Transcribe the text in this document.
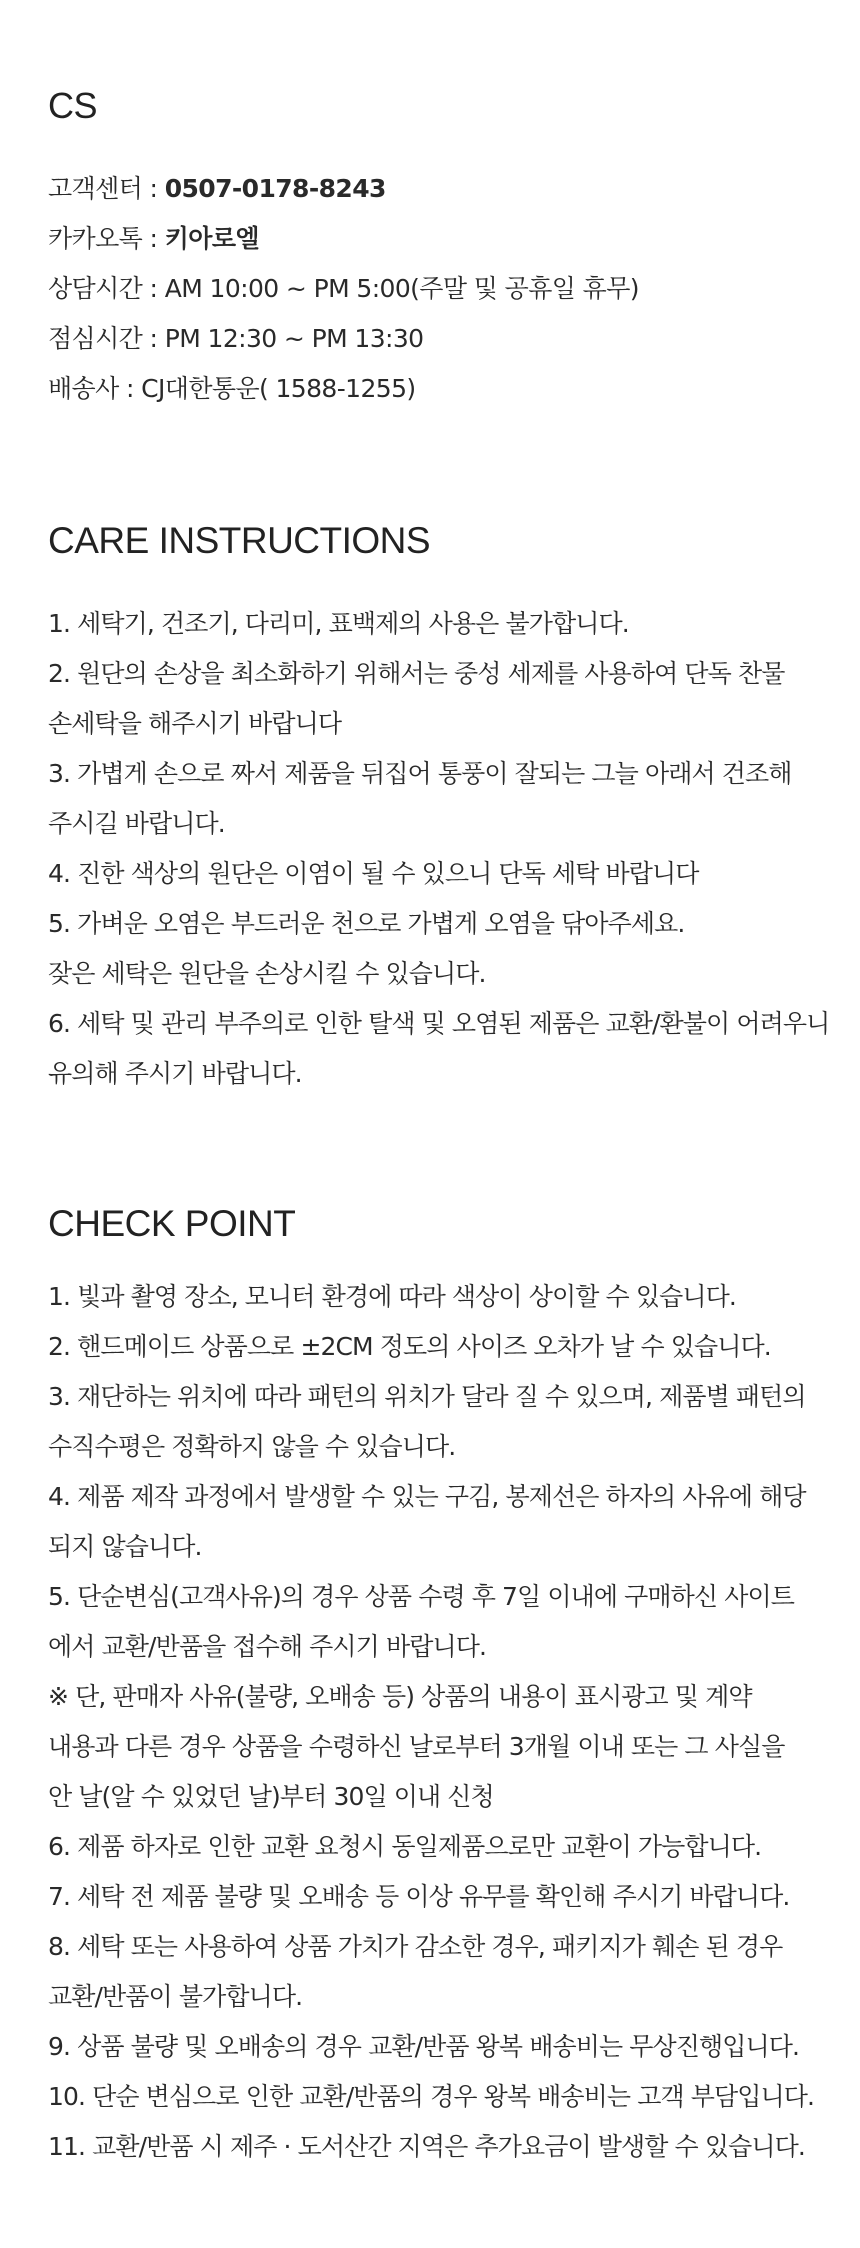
CS
고객센터 : 0507-0178-8243
카카오톡 : 키아로엘
상담시간 : AM 10:00 ~ PM 5:00(주말 및 공휴일 휴무)
점심시간 : PM 12:30 ~ PM 13:30
배송사 : CJ대한통운( 1588-1255)
CARE INSTRUCTIONS
1. 세탁기, 건조기, 다리미, 표백제의 사용은 불가합니다.
2. 원단의 손상을 최소화하기 위해서는 중성 세제를 사용하여 단독 찬물
손세탁을 해주시기 바랍니다
3. 가볍게 손으로 짜서 제품을 뒤집어 통풍이 잘되는 그늘 아래서 건조해
주시길 바랍니다.
4. 진한 색상의 원단은 이염이 될 수 있으니 단독 세탁 바랍니다
5. 가벼운 오염은 부드러운 천으로 가볍게 오염을 닦아주세요.
잦은 세탁은 원단을 손상시킬 수 있습니다.
6. 세탁 및 관리 부주의로 인한 탈색 및 오염된 제품은 교환/환불이 어려우니
유의해 주시기 바랍니다.
CHECK POINT
1. 빛과 촬영 장소, 모니터 환경에 따라 색상이 상이할 수 있습니다.
2. 핸드메이드 상품으로 ±2CM 정도의 사이즈 오차가 날 수 있습니다.
3. 재단하는 위치에 따라 패턴의 위치가 달라 질 수 있으며, 제품별 패턴의
수직수평은 정확하지 않을 수 있습니다.
4. 제품 제작 과정에서 발생할 수 있는 구김, 봉제선은 하자의 사유에 해당
되지 않습니다.
5. 단순변심(고객사유)의 경우 상품 수령 후 7일 이내에 구매하신 사이트
에서 교환/반품을 접수해 주시기 바랍니다.
※ 단, 판매자 사유(불량, 오배송 등) 상품의 내용이 표시광고 및 계약
내용과 다른 경우 상품을 수령하신 날로부터 3개월 이내 또는 그 사실을
안 날(알 수 있었던 날)부터 30일 이내 신청
6. 제품 하자로 인한 교환 요청시 동일제품으로만 교환이 가능합니다.
7. 세탁 전 제품 불량 및 오배송 등 이상 유무를 확인해 주시기 바랍니다.
8. 세탁 또는 사용하여 상품 가치가 감소한 경우, 패키지가 훼손 된 경우
교환/반품이 불가합니다.
9. 상품 불량 및 오배송의 경우 교환/반품 왕복 배송비는 무상진행입니다.
10. 단순 변심으로 인한 교환/반품의 경우 왕복 배송비는 고객 부담입니다.
11. 교환/반품 시 제주 · 도서산간 지역은 추가요금이 발생할 수 있습니다.
